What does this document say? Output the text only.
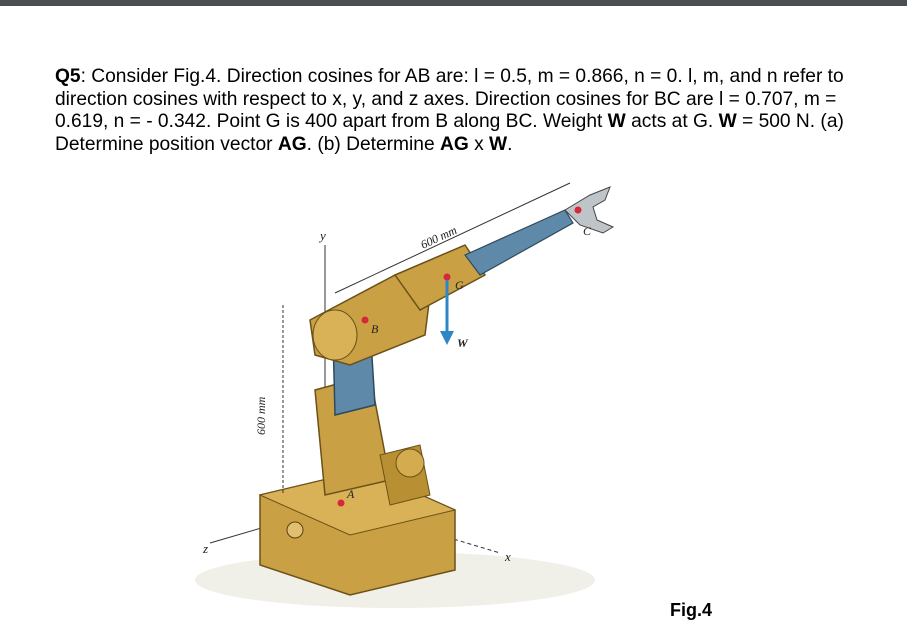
Q5: Consider Fig.4. Direction cosines for AB are: l = 0.5, m = 0.866, n = 0. l, m, and n refer to direction cosines with respect to x, y, and z axes. Direction cosines for BC are l = 0.707, m = 0.619, n = - 0.342. Point G is 400 apart from B along BC. Weight W acts at G. W = 500 N. (a) Determine position vector AG. (b) Determine AG x W.

600 mm
600 mm
y
z
x
A
B
G
C
W
Fig.4
